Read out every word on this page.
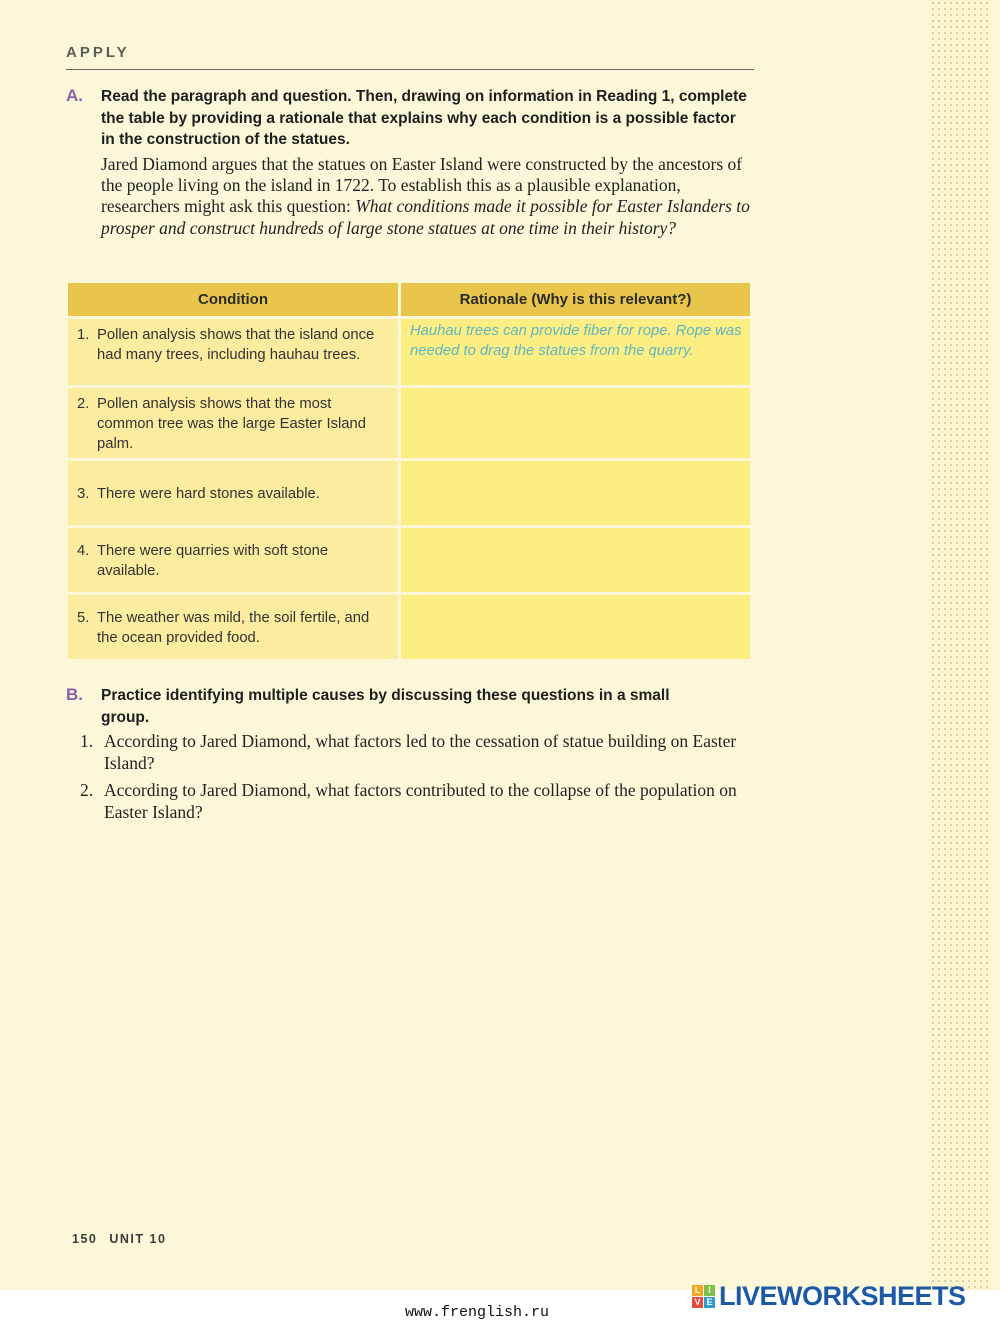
APPLY
A. Read the paragraph and question. Then, drawing on information in Reading 1, complete the table by providing a rationale that explains why each condition is a possible factor in the construction of the statues.
Jared Diamond argues that the statues on Easter Island were constructed by the ancestors of the people living on the island in 1722. To establish this as a plausible explanation, researchers might ask this question: What conditions made it possible for Easter Islanders to prosper and construct hundreds of large stone statues at one time in their history?
Condition	Rationale (Why is this relevant?)

1. Pollen analysis shows that the island once had many trees, including hauhau trees.	Hauhau trees can provide fiber for rope. Rope was needed to drag the statues from the quarry.

2. Pollen analysis shows that the most common tree was the large Easter Island palm.	

3. There were hard stones available.	

4. There were quarries with soft stone available.	

5. The weather was mild, the soil fertile, and the ocean provided food.	

B. Practice identifying multiple causes by discussing these questions in a small group.
1. According to Jared Diamond, what factors led to the cessation of statue building on Easter Island?
2. According to Jared Diamond, what factors contributed to the collapse of the population on Easter Island?
150 UNIT 10
www.frenglish.ru
L I
V E LIVEWORKSHEETS
